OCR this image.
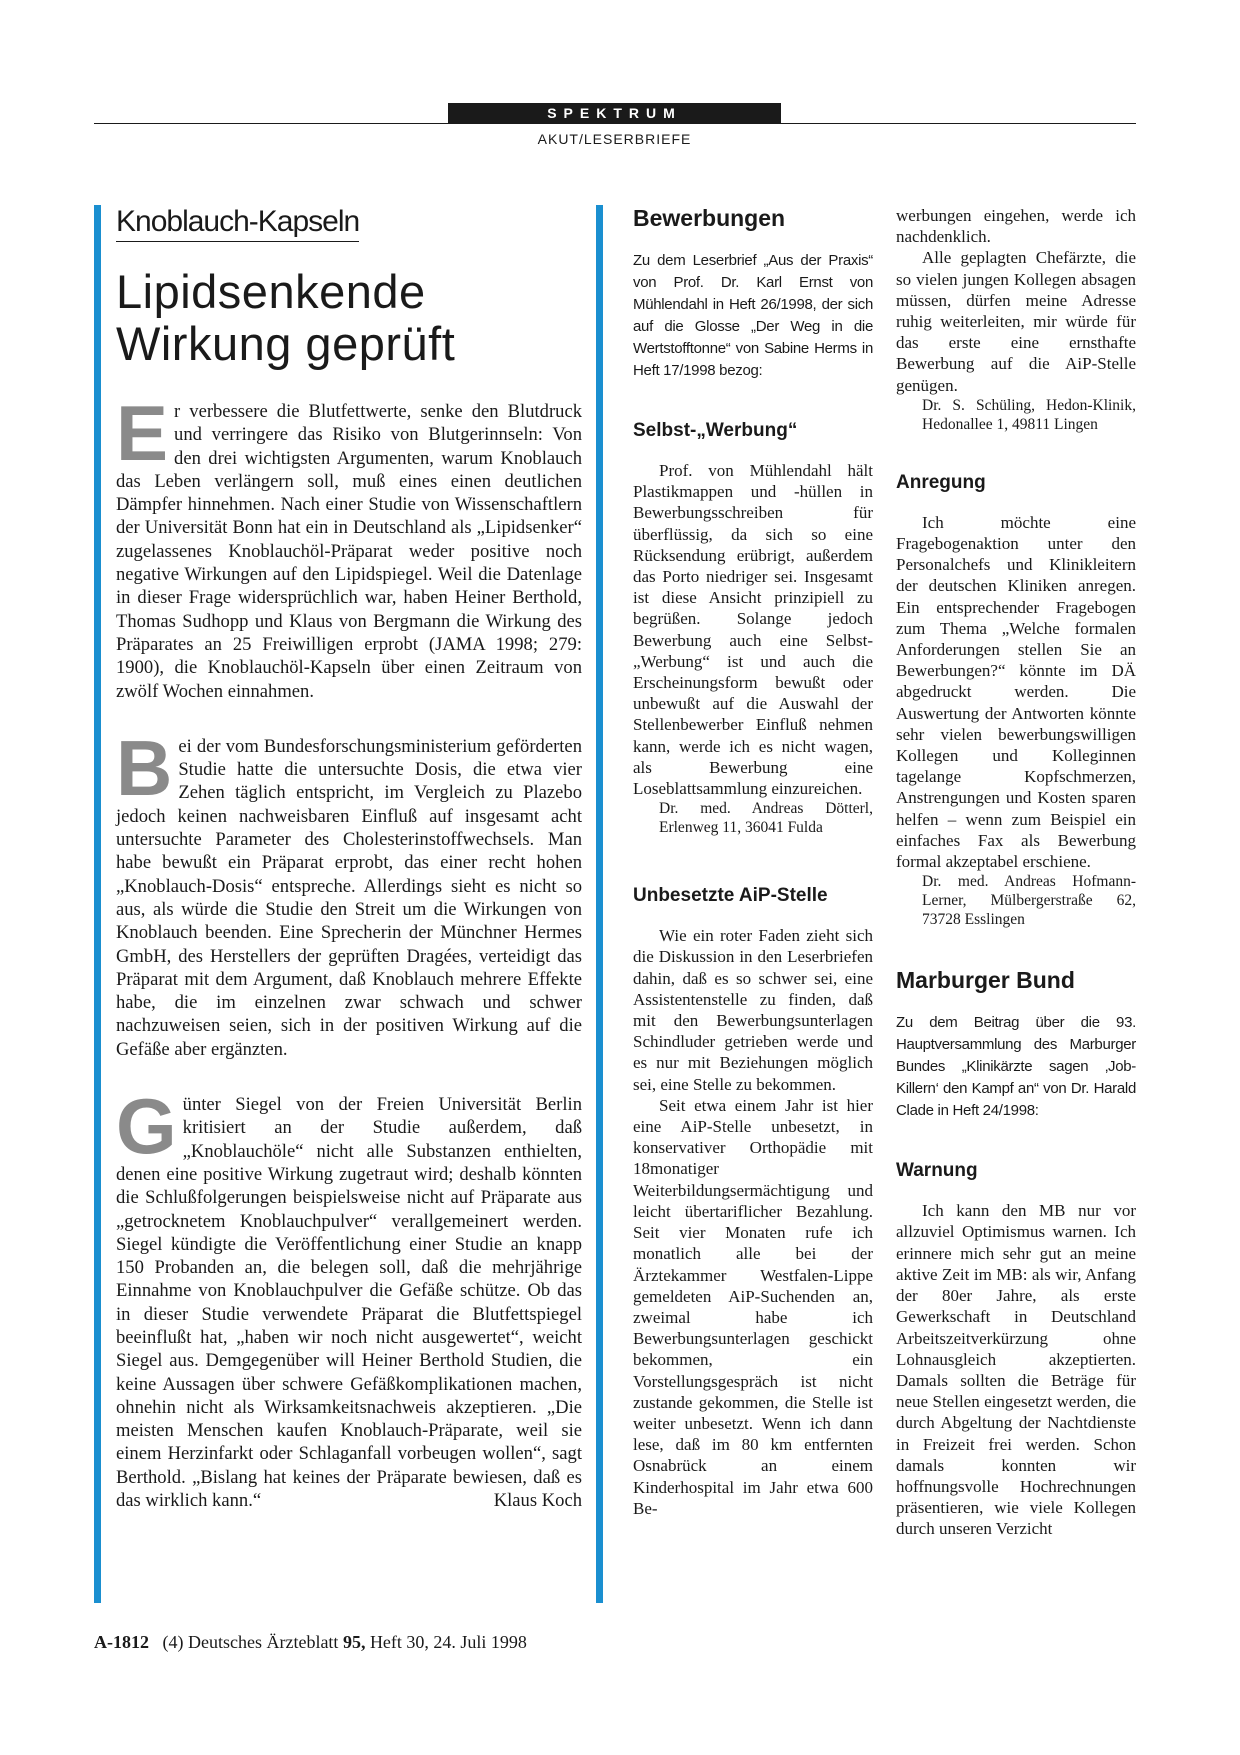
SPEKTRUM
AKUT/LESERBRIEFE
Knoblauch-Kapseln
Lipidsenkende
Wirkung geprüft

Er verbessere die Blutfettwerte, senke den Blutdruck und verringere das Risiko von Blutgerinnseln: Von den drei wichtigsten Argumenten, warum Knoblauch das Leben verlängern soll, muß eines einen deutlichen Dämpfer hinnehmen. Nach einer Studie von Wissenschaftlern der Universität Bonn hat ein in Deutschland als „Lipidsenker“ zugelassenes Knoblauchöl-Präparat weder positive noch negative Wirkungen auf den Lipidspiegel. Weil die Datenlage in dieser Frage widersprüchlich war, haben Heiner Berthold, Thomas Sudhopp und Klaus von Bergmann die Wirkung des Präparates an 25 Freiwilligen erprobt (JAMA 1998; 279: 1900), die Knoblauchöl-Kapseln über einen Zeitraum von zwölf Wochen einnahmen.

Bei der vom Bundesforschungsministerium geförderten Studie hatte die untersuchte Dosis, die etwa vier Zehen täglich entspricht, im Vergleich zu Plazebo jedoch keinen nachweisbaren Einfluß auf insgesamt acht untersuchte Parameter des Cholesterinstoffwechsels. Man habe bewußt ein Präparat erprobt, das einer recht hohen „Knoblauch-Dosis“ entspreche. Allerdings sieht es nicht so aus, als würde die Studie den Streit um die Wirkungen von Knoblauch beenden. Eine Sprecherin der Münchner Hermes GmbH, des Herstellers der geprüften Dragées, verteidigt das Präparat mit dem Argument, daß Knoblauch mehrere Effekte habe, die im einzelnen zwar schwach und schwer nachzuweisen seien, sich in der positiven Wirkung auf die Gefäße aber ergänzten.

Günter Siegel von der Freien Universität Berlin kritisiert an der Studie außerdem, daß „Knoblauchöle“ nicht alle Substanzen enthielten, denen eine positive Wirkung zugetraut wird; deshalb könnten die Schlußfolgerungen beispielsweise nicht auf Präparate aus „getrocknetem Knoblauchpulver“ verallgemeinert werden. Siegel kündigte die Veröffentlichung einer Studie an knapp 150 Probanden an, die belegen soll, daß die mehrjährige Einnahme von Knoblauchpulver die Gefäße schütze. Ob das in dieser Studie verwendete Präparat die Blutfettspiegel beeinflußt hat, „haben wir noch nicht ausgewertet“, weicht Siegel aus. Demgegenüber will Heiner Berthold Studien, die keine Aussagen über schwere Gefäßkomplikationen machen, ohnehin nicht als Wirksamkeitsnachweis akzeptieren. „Die meisten Menschen kaufen Knoblauch-Präparate, weil sie einem Herzinfarkt oder Schlaganfall vorbeugen wollen“, sagt Berthold. „Bislang hat keines der Präparate bewiesen, daß es das wirklich kann.“	Klaus Koch

Bewerbungen
Zu dem Leserbrief „Aus der Praxis“ von Prof. Dr. Karl Ernst von Mühlendahl in Heft 26/1998, der sich auf die Glosse „Der Weg in die Wertstofftonne“ von Sabine Herms in Heft 17/1998 bezog:
Selbst-„Werbung“

Prof. von Mühlendahl hält Plastikmappen und -hüllen in Bewerbungsschreiben für überflüssig, da sich so eine Rücksendung erübrigt, außerdem das Porto niedriger sei. Insgesamt ist diese Ansicht prinzipiell zu begrüßen. Solange jedoch Bewerbung auch eine Selbst-„Werbung“ ist und auch die Erscheinungsform bewußt oder unbewußt auf die Auswahl der Stellenbewerber Einfluß nehmen kann, werde ich es nicht wagen, als Bewerbung eine Loseblattsammlung einzureichen.

Dr. med. Andreas Dötterl, Erlenweg 11, 36041 Fulda
Unbesetzte AiP-Stelle

Wie ein roter Faden zieht sich die Diskussion in den Leserbriefen dahin, daß es so schwer sei, eine Assistentenstelle zu finden, daß mit den Bewerbungsunterlagen Schindluder getrieben werde und es nur mit Beziehungen möglich sei, eine Stelle zu bekommen.

Seit etwa einem Jahr ist hier eine AiP-Stelle unbesetzt, in konservativer Orthopädie mit 18monatiger Weiterbildungsermächtigung und leicht übertariflicher Bezahlung. Seit vier Monaten rufe ich monatlich alle bei der Ärztekammer Westfalen-Lippe gemeldeten AiP-Suchenden an, zweimal habe ich Bewerbungsunterlagen geschickt bekommen, ein Vorstellungsgespräch ist nicht zustande gekommen, die Stelle ist weiter unbesetzt. Wenn ich dann lese, daß im 80 km entfernten Osnabrück an einem Kinderhospital im Jahr etwa 600 Be-

werbungen eingehen, werde ich nachdenklich.

Alle geplagten Chefärzte, die so vielen jungen Kollegen absagen müssen, dürfen meine Adresse ruhig weiterleiten, mir würde für das erste eine ernsthafte Bewerbung auf die AiP-Stelle genügen.

Dr. S. Schüling, Hedon-Klinik, Hedonallee 1, 49811 Lingen
Anregung

Ich möchte eine Fragebogenaktion unter den Personalchefs und Klinikleitern der deutschen Kliniken anregen. Ein entsprechender Fragebogen zum Thema „Welche formalen Anforderungen stellen Sie an Bewerbungen?“ könnte im DÄ abgedruckt werden. Die Auswertung der Antworten könnte sehr vielen bewerbungswilligen Kollegen und Kolleginnen tagelange Kopfschmerzen, Anstrengungen und Kosten sparen helfen – wenn zum Beispiel ein einfaches Fax als Bewerbung formal akzeptabel erschiene.

Dr. med. Andreas Hofmann-Lerner, Mülbergerstraße 62, 73728 Esslingen
Marburger Bund
Zu dem Beitrag über die 93. Hauptversammlung des Marburger Bundes „Klinikärzte sagen ‚Job-Killern‘ den Kampf an“ von Dr. Harald Clade in Heft 24/1998:
Warnung

Ich kann den MB nur vor allzuviel Optimismus warnen. Ich erinnere mich sehr gut an meine aktive Zeit im MB: als wir, Anfang der 80er Jahre, als erste Gewerkschaft in Deutschland Arbeitszeitverkürzung ohne Lohnausgleich akzeptierten. Damals sollten die Beträge für neue Stellen eingesetzt werden, die durch Abgeltung der Nachtdienste in Freizeit frei werden. Schon damals konnten wir hoffnungsvolle Hochrechnungen präsentieren, wie viele Kollegen durch unseren Verzicht

A-1812 (4) Deutsches Ärzteblatt 95, Heft 30, 24. Juli 1998
